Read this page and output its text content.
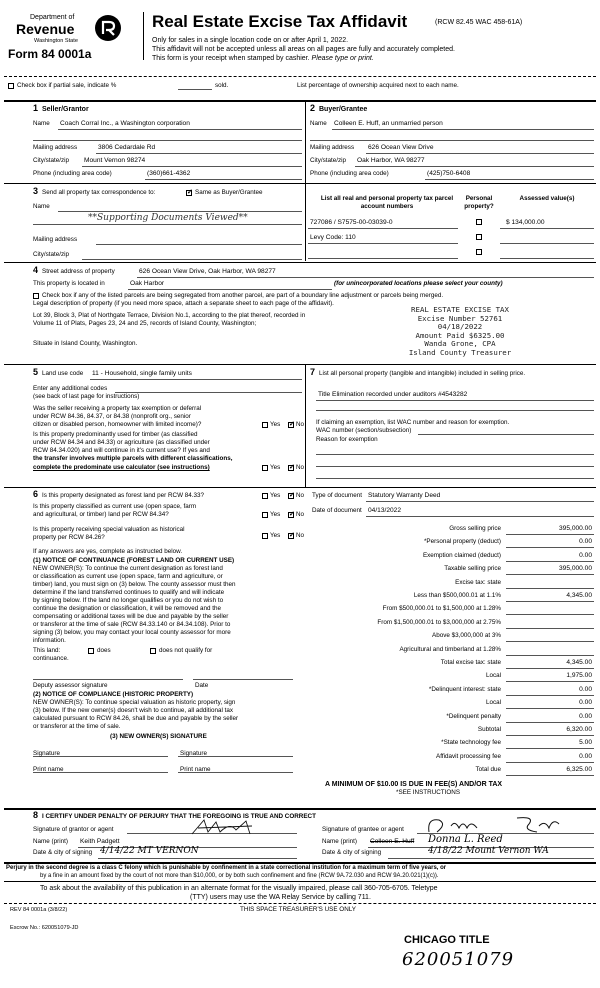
Department of
Revenue
Washington State
Form 84 0001a
Real Estate Excise Tax Affidavit	(RCW 82.45 WAC 458-61A)
Only for sales in a single location code on or after April 1, 2022.
This affidavit will not be accepted unless all areas on all pages are fully and accurately completed.
This form is your receipt when stamped by cashier. Please type or print.
Check box if partial sale, indicate %	sold.	List percentage of ownership acquired next to each name.
1 Seller/Grantor
Name Coach Corral Inc., a Washington corporation
Mailing address	3806 Cedardale Rd
City/state/zip Mount Vernon 98274
Phone (including area code)	(360)661-4362
2 Buyer/Grantee
Name Colleen E. Huff, an unmarried person
Mailing address 626 Ocean View Drive
City/state/zip Oak Harbor, WA 98277
Phone (including area code)	(425)750-6408
3 Send all property tax correspondence to: ✓	Same as Buyer/Grantee
Name
**Supporting Documents Viewed**
Mailing address
City/state/zip
List all real and personal property tax parcel account numbers
Personal property?
Assessed value(s)
727086 / S7575-00-03039-0	$ 134,000.00
Levy Code: 110
4 Street address of property	626 Ocean View Drive, Oak Harbor, WA 98277
This property is located in	Oak Harbor	(for unincorporated locations please select your county)
Check box if any of the listed parcels are being segregated from another parcel, are part of a boundary line adjustment or parcels being merged.
Legal description of property (if you need more space, attach a separate sheet to each page of the affidavit).
Lot 39, Block 3, Plat of Northgate Terrace, Division No.1, according to the plat thereof, recorded in
Volume 11 of Plats, Pages 23, 24 and 25, records of Island County, Washington;
Situate in Island County, Washington.
REAL ESTATE EXCISE TAX
Excise Number 52761
04/18/2022
Amount Paid $6325.00
Wanda Grone, CPA
Island County Treasurer
5 Land use code 11 - Household, single family units
Enter any additional codes
(see back of last page for instructions)
Was the seller receiving a property tax exemption or deferral
under RCW 84.36, 84.37, or 84.38 (nonprofit org., senior
citizen or disabled person, homeowner with limited income)?	Yes ✓ No
Is this property predominantly used for timber (as classified
under RCW 84.34 and 84.33) or agriculture (as classified under
RCW 84.34.020) and will continue in it's current use? If yes and
the transfer involves multiple parcels with different classifications,
complete the predominate use calculator (see instructions)	Yes ✓ No
7 List all personal property (tangible and intangible) included in selling price.
Title Elimination recorded under auditors #4543282
If claiming an exemption, list WAC number and reason for exemption.
WAC number (section/subsection)
Reason for exemption
6 Is this property designated as forest land per RCW 84.33?	Yes ✓ No
Is this property classified as current use (open space, farm
and agricultural, or timber) land per RCW 84.34?	Yes ✓ No
Is this property receiving special valuation as historical
property per RCW 84.26?	Yes ✓ No
If any answers are yes, complete as instructed below.
(1) NOTICE OF CONTINUANCE (FOREST LAND OR CURRENT USE)
NEW OWNER(S): To continue the current designation as forest land
or classification as current use (open space, farm and agriculture, or
timber) land, you must sign on (3) below. The county assessor must then
determine if the land transferred continues to qualify and will indicate
by signing below. If the land no longer qualifies or you do not wish to
continue the designation or classification, it will be removed and the
compensating or additional taxes will be due and payable by the seller
or transferor at the time of sale (RCW 84.33.140 or 84.34.108). Prior to
signing (3) below, you may contact your local county assessor for more
information.
This land:	does	does not qualify for
continuance.
Deputy assessor signature	Date
(2) NOTICE OF COMPLIANCE (HISTORIC PROPERTY)
NEW OWNER(S): To continue special valuation as historic property, sign
(3) below. If the new owner(s) doesn't wish to continue, all additional tax
calculated pursuant to RCW 84.26, shall be due and payable by the seller
or transferor at the time of sale.
(3) NEW OWNER(S) SIGNATURE
Signature	Signature
Print name	Print name
Type of document Statutory Warranty Deed
Date of document 04/13/2022
Gross selling price	395,000.00
*Personal property (deduct)	0.00
Exemption claimed (deduct)	0.00
Taxable selling price	395,000.00
Excise tax: state
Less than $500,000.01 at 1.1%	4,345.00
From $500,000.01 to $1,500,000 at 1.28%
From $1,500,000.01 to $3,000,000 at 2.75%
Above $3,000,000 at 3%
Agricultural and timberland at 1.28%
Total excise tax: state	4,345.00
Local	1,975.00
*Delinquent interest: state	0.00
Local	0.00
*Delinquent penalty	0.00
Subtotal	6,320.00
*State technology fee	5.00
Affidavit processing fee	0.00
Total due	6,325.00
A MINIMUM OF $10.00 IS DUE IN FEE(S) AND/OR TAX
*SEE INSTRUCTIONS
8 I CERTIFY UNDER PENALTY OF PERJURY THAT THE FOREGOING IS TRUE AND CORRECT
Signature of grantor or agent
Name (print) Keith Padgett
Date & city of signing 4/14/22 MT VERNON
Signature of grantee or agent
Name (print) Colleen E. Huff Donna L. Reed
Date & city of signing	4/18/22 Mount Vernon WA
Perjury in the second degree is a class C felony which is punishable by confinement in a state correctional institution for a maximum term of five years, or
by a fine in an amount fixed by the court of not more than $10,000, or by both such confinement and fine (RCW 9A.72.030 and RCW 9A.20.021(1)(c)).
To ask about the availability of this publication in an alternate format for the visually impaired, please call 360-705-6705. Teletype
(TTY) users may use the WA Relay Service by calling 711.
REV 84 0001a (3/8/22)	THIS SPACE TREASURER'S USE ONLY
Escrow No.: 620051079-JD
CHICAGO TITLE
620051079
